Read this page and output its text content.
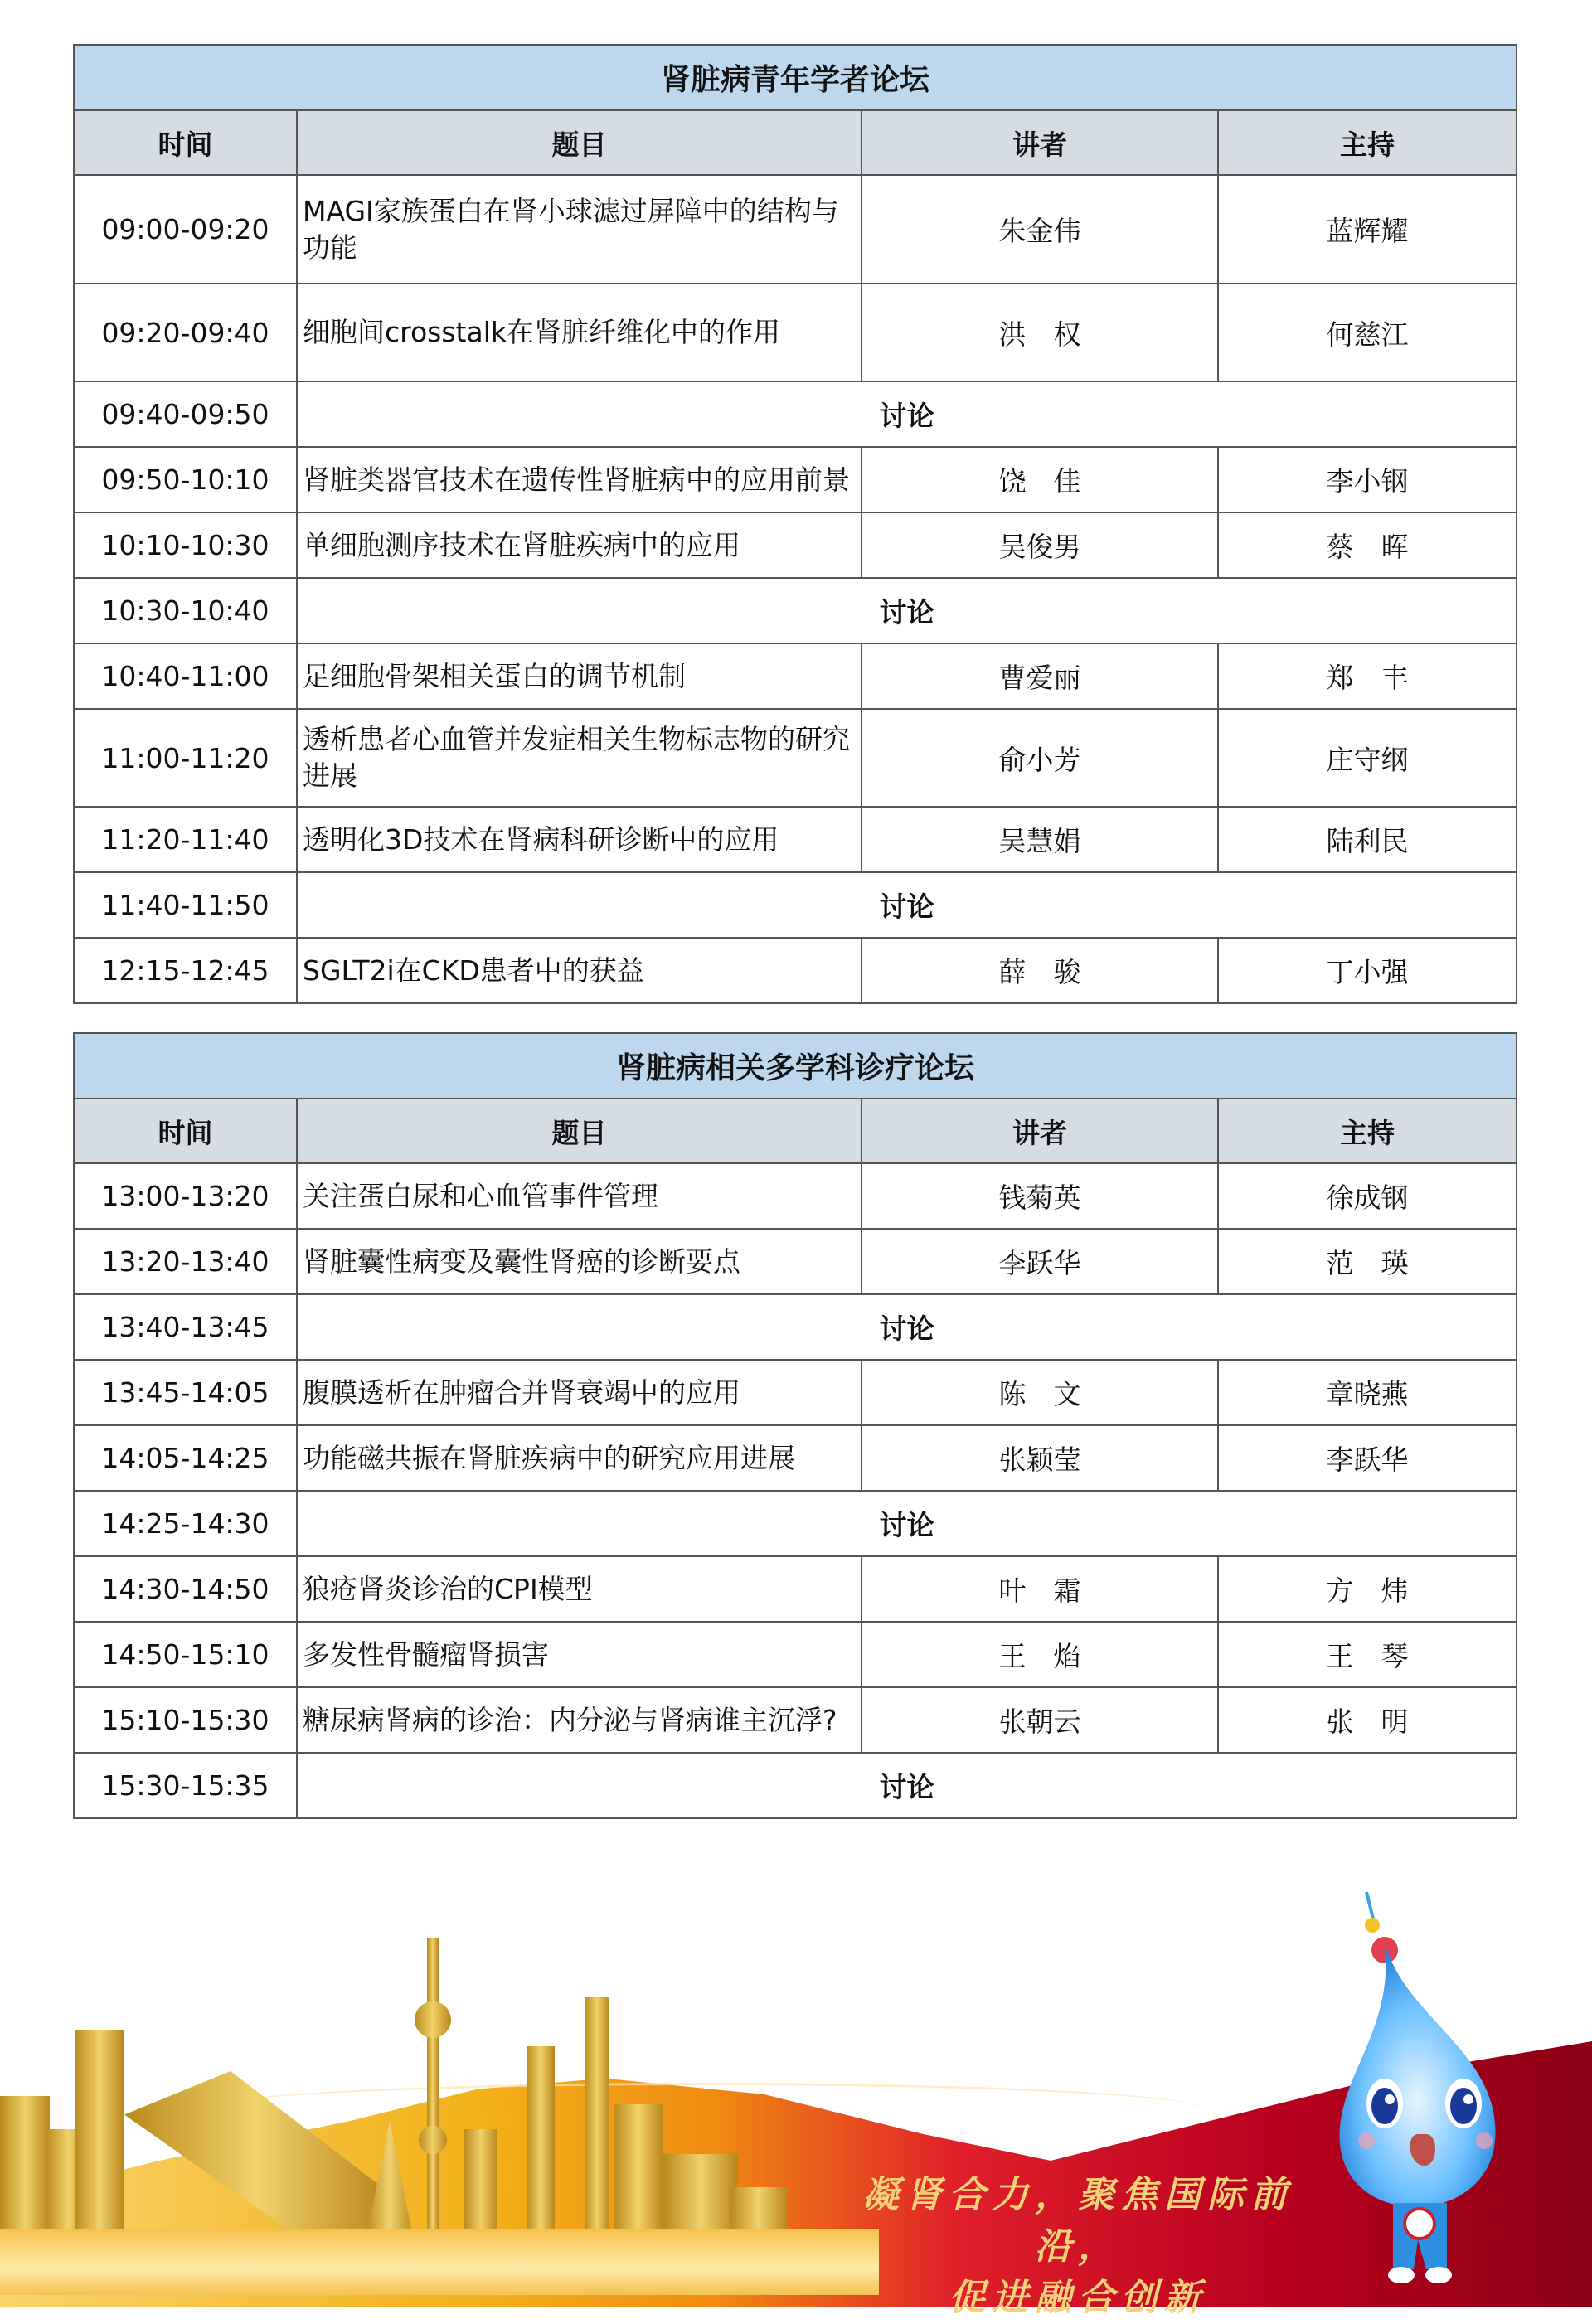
肾脏病青年学者论坛			
时间	题目	讲者	主持
09:00-09:20	MAGI家族蛋白在肾小球滤过屏障中的结构与功能	朱金伟	蓝辉耀
09:20-09:40	细胞间crosstalk在肾脏纤维化中的作用	洪　权	何慈江
09:40-09:50	讨论		
09:50-10:10	肾脏类器官技术在遗传性肾脏病中的应用前景	饶　佳	李小钢
10:10-10:30	单细胞测序技术在肾脏疾病中的应用	吴俊男	蔡　晖
10:30-10:40	讨论		
10:40-11:00	足细胞骨架相关蛋白的调节机制	曹爱丽	郑　丰
11:00-11:20	透析患者心血管并发症相关生物标志物的研究进展	俞小芳	庄守纲
11:20-11:40	透明化3D技术在肾病科研诊断中的应用	吴慧娟	陆利民
11:40-11:50	讨论		
12:15-12:45	SGLT2i在CKD患者中的获益	薛　骏	丁小强
肾脏病相关多学科诊疗论坛			
时间	题目	讲者	主持
13:00-13:20	关注蛋白尿和心血管事件管理	钱菊英	徐成钢
13:20-13:40	肾脏囊性病变及囊性肾癌的诊断要点	李跃华	范　瑛
13:40-13:45	讨论		
13:45-14:05	腹膜透析在肿瘤合并肾衰竭中的应用	陈　文	章晓燕
14:05-14:25	功能磁共振在肾脏疾病中的研究应用进展	张颖莹	李跃华
14:25-14:30	讨论		
14:30-14:50	狼疮肾炎诊治的CPI模型	叶　霜	方　炜
14:50-15:10	多发性骨髓瘤肾损害	王　焰	王　琴
15:10-15:30	糖尿病肾病的诊治：内分泌与肾病谁主沉浮?	张朝云	张　明
15:30-15:35	讨论		
凝肾合力，聚焦国际前沿，
促进融合创新
